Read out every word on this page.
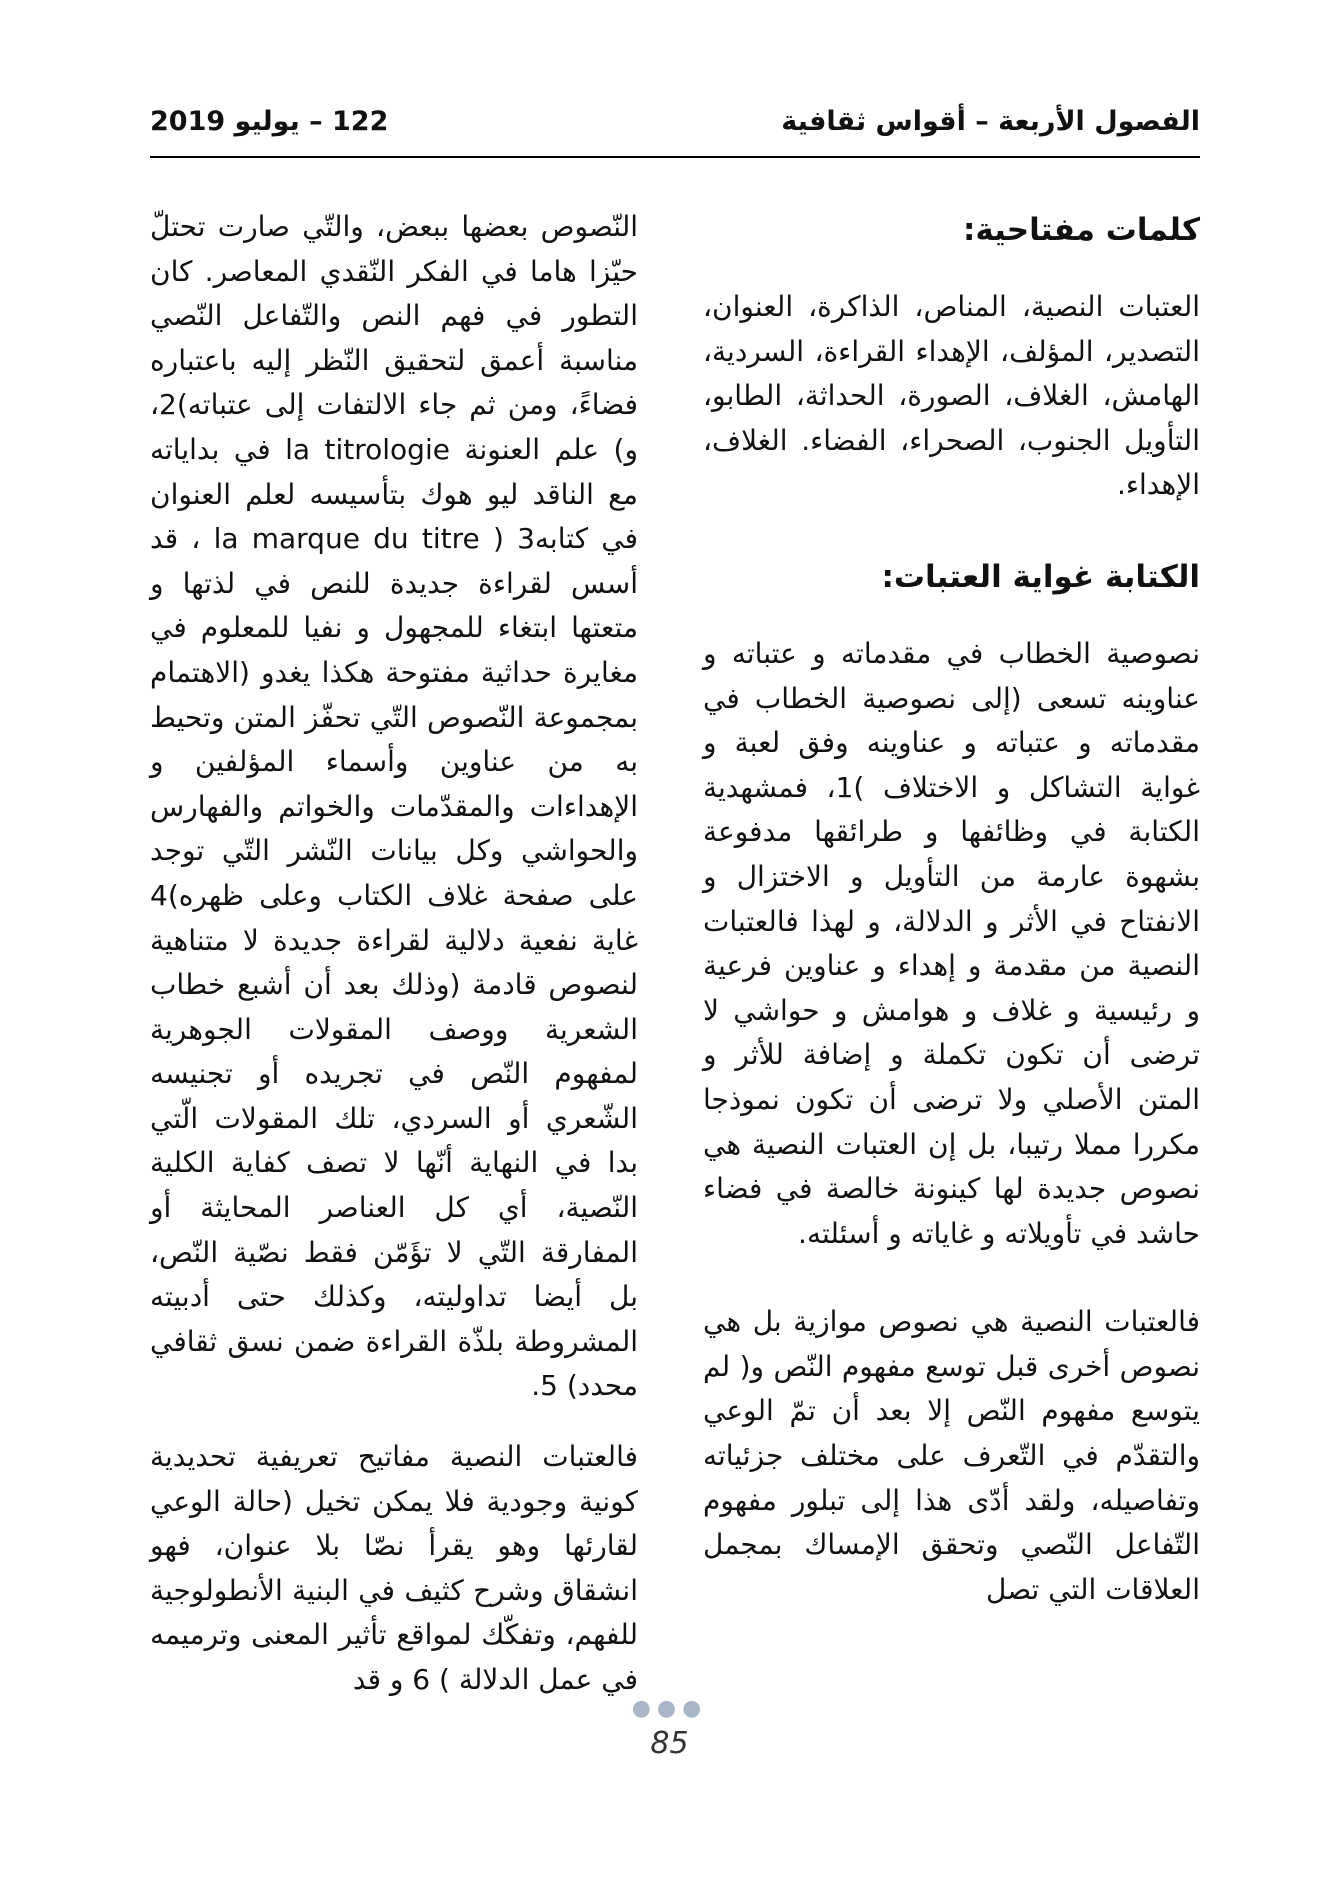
الفصول الأربعة – أقواس ثقافية
122 – يوليو 2019
كلمات مفتاحية:

العتبات النصية، المناص، الذاكرة، العنوان، التصدير، المؤلف، الإهداء القراءة، السردية، الهامش، الغلاف، الصورة، الحداثة، الطابو، التأويل الجنوب، الصحراء، الفضاء. الغلاف، الإهداء.

الكتابة غواية العتبات:

نصوصية الخطاب في مقدماته و عتباته و عناوينه تسعى (إلى نصوصية الخطاب في مقدماته و عتباته و عناوينه وفق لعبة و غواية التشاكل و الاختلاف )1، فمشهدية الكتابة في وظائفها و طرائقها مدفوعة بشهوة عارمة من التأويل و الاختزال و الانفتاح في الأثر و الدلالة، و لهذا فالعتبات النصية من مقدمة و إهداء و عناوين فرعية و رئيسية و غلاف و هوامش و حواشي لا ترضى أن تكون تكملة و إضافة للأثر و المتن الأصلي ولا ترضى أن تكون نموذجا مكررا مملا رتيبا، بل إن العتبات النصية هي نصوص جديدة لها كينونة خالصة في فضاء حاشد في تأويلاته و غاياته و أسئلته.

فالعتبات النصية هي نصوص موازية بل هي نصوص أخرى قبل توسع مفهوم النّص و( لم يتوسع مفهوم النّص إلا بعد أن تمّ الوعي والتقدّم في التّعرف على مختلف جزئياته وتفاصيله، ولقد أدّى هذا إلى تبلور مفهوم التّفاعل النّصي وتحقق الإمساك بمجمل العلاقات التي تصل

النّصوص بعضها ببعض، والتّي صارت تحتلّ حيّزا هاما في الفكر النّقدي المعاصر. كان التطور في فهم النص والتّفاعل النّصي مناسبة أعمق لتحقيق النّظر إليه باعتباره فضاءً، ومن ثم جاء الالتفات إلى عتباته)2، و) علم العنونة la titrologie في بداياته مع الناقد ليو هوك بتأسيسه لعلم العنوان في كتابه3 ( la marque du titre ، قد أسس لقراءة جديدة للنص في لذتها و متعتها ابتغاء للمجهول و نفيا للمعلوم في مغايرة حداثية مفتوحة هكذا يغدو (الاهتمام بمجموعة النّصوص التّي تحفّز المتن وتحيط به من عناوين وأسماء المؤلفين و الإهداءات والمقدّمات والخواتم والفهارس والحواشي وكل بيانات النّشر التّي توجد على صفحة غلاف الكتاب وعلى ظهره)4 غاية نفعية دلالية لقراءة جديدة لا متناهية لنصوص قادمة (وذلك بعد أن أشبع خطاب الشعرية ووصف المقولات الجوهرية لمفهوم النّص في تجريده أو تجنيسه الشّعري أو السردي، تلك المقولات الّتي بدا في النهاية أنّها لا تصف كفاية الكلية النّصية، أي كل العناصر المحايثة أو المفارقة التّي لا تؤَمّن فقط نصّية النّص، بل أيضا تداوليته، وكذلك حتى أدبيته المشروطة بلذّة القراءة ضمن نسق ثقافي محدد) 5.

فالعتبات النصية مفاتيح تعريفية تحديدية كونية وجودية فلا يمكن تخيل (حالة الوعي لقارئها وهو يقرأ نصّا بلا عنوان، فهو انشقاق وشرح كثيف في البنية الأنطولوجية للفهم، وتفكّك لمواقع تأثير المعنى وترميمه في عمل الدلالة ) 6 و قد

●●●
85
